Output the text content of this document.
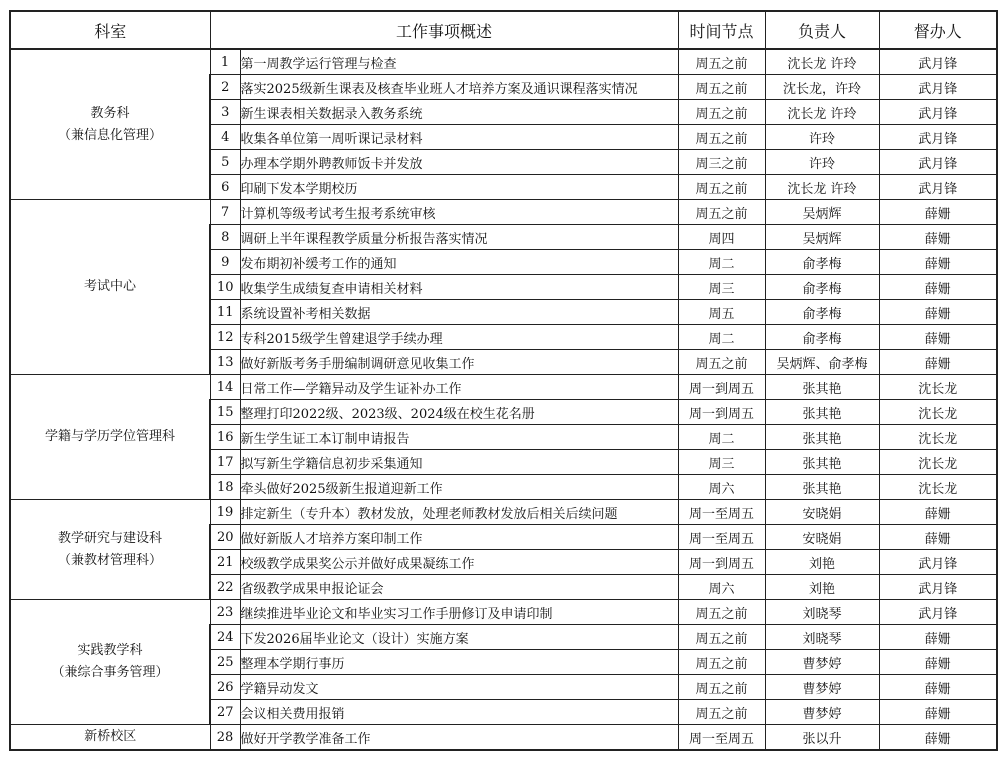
科室	工作事项概述		时间节点	负责人	督办人

教务科
（兼信息化管理）	1	第一周教学运行管理与检查	周五之前	沈长龙 许玲	武月锋
	2	落实2025级新生课表及核查毕业班人才培养方案及通识课程落实情况	周五之前	沈长龙，许玲	武月锋
	3	新生课表相关数据录入教务系统	周五之前	沈长龙 许玲	武月锋
	4	收集各单位第一周听课记录材料	周五之前	许玲	武月锋
	5	办理本学期外聘教师饭卡并发放	周三之前	许玲	武月锋
	6	印刷下发本学期校历	周五之前	沈长龙 许玲	武月锋

考试中心	7	计算机等级考试考生报考系统审核	周五之前	吴炳辉	薛姗
	8	调研上半年课程教学质量分析报告落实情况	周四	吴炳辉	薛姗
	9	发布期初补缓考工作的通知	周二	俞孝梅	薛姗
	10	收集学生成绩复查申请相关材料	周三	俞孝梅	薛姗
	11	系统设置补考相关数据	周五	俞孝梅	薛姗
	12	专科2015级学生曾建退学手续办理	周二	俞孝梅	薛姗
	13	做好新版考务手册编制调研意见收集工作	周五之前	吴炳辉、俞孝梅	薛姗

学籍与学历学位管理科	14	日常工作—学籍异动及学生证补办工作	周一到周五	张其艳	沈长龙
	15	整理打印2022级、2023级、2024级在校生花名册	周一到周五	张其艳	沈长龙
	16	新生学生证工本订制申请报告	周二	张其艳	沈长龙
	17	拟写新生学籍信息初步采集通知	周三	张其艳	沈长龙
	18	牵头做好2025级新生报道迎新工作	周六	张其艳	沈长龙

教学研究与建设科
（兼教材管理科）	19	排定新生（专升本）教材发放，处理老师教材发放后相关后续问题	周一至周五	安晓娟	薛姗
	20	做好新版人才培养方案印制工作	周一至周五	安晓娟	薛姗
	21	校级教学成果奖公示并做好成果凝练工作	周一到周五	刘艳	武月锋
	22	省级教学成果申报论证会	周六	刘艳	武月锋

实践教学科
（兼综合事务管理）	23	继续推进毕业论文和毕业实习工作手册修订及申请印制	周五之前	刘晓琴	武月锋
	24	下发2026届毕业论文（设计）实施方案	周五之前	刘晓琴	薛姗
	25	整理本学期行事历	周五之前	曹梦婷	薛姗
	26	学籍异动发文	周五之前	曹梦婷	薛姗
	27	会议相关费用报销	周五之前	曹梦婷	薛姗

新桥校区	28	做好开学教学准备工作	周一至周五	张以升	薛姗
